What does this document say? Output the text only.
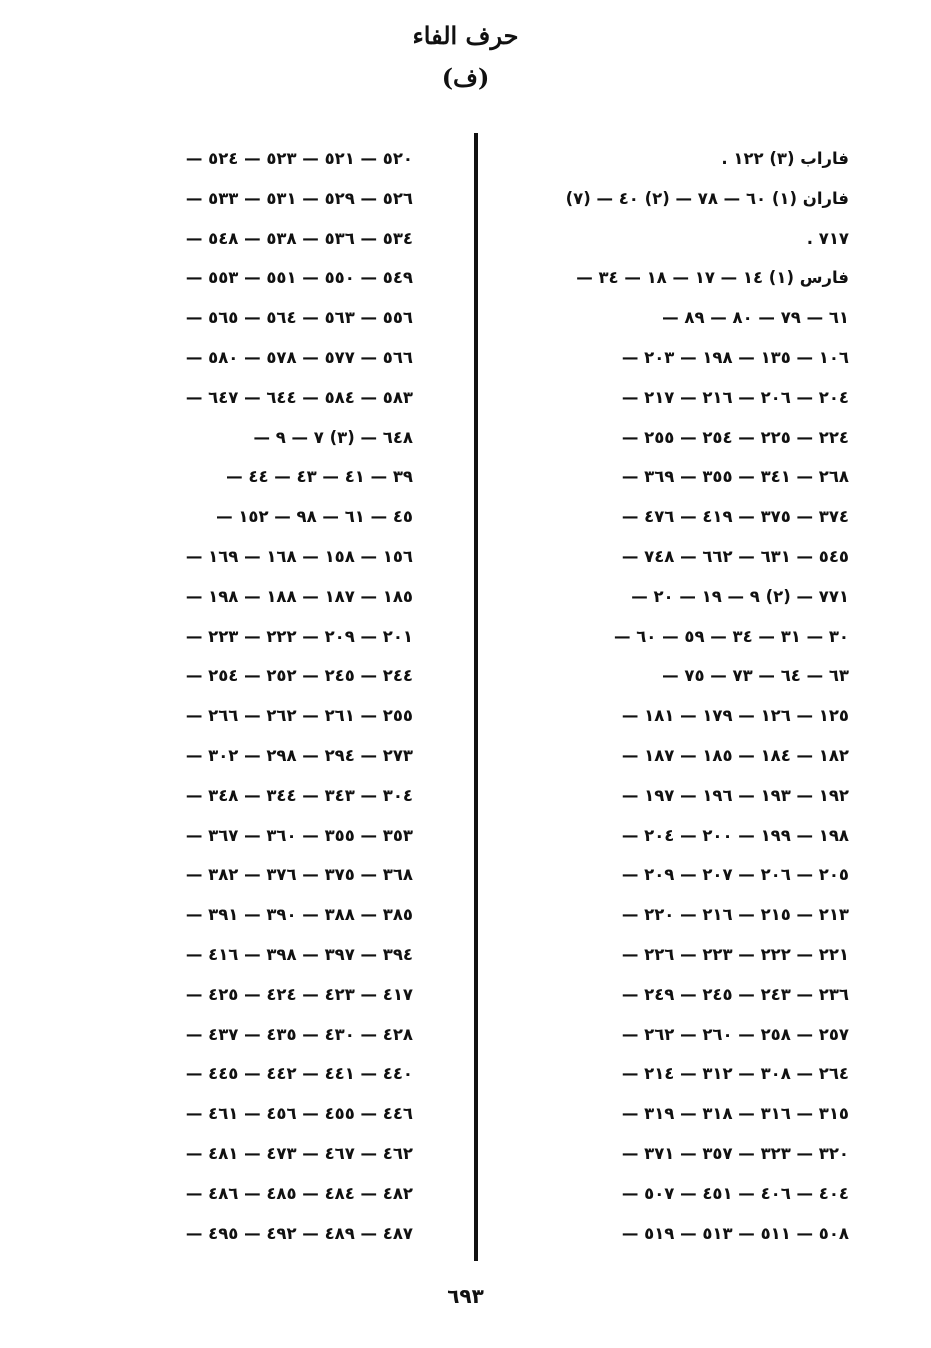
حرف الفاء
(ف)
فاراب (٣) ١٢٢ .
فاران (١) ٦٠ — ٧٨ — (٢) ٤٠ — (٧)
٧١٧ .
فارس (١) ١٤ — ١٧ — ١٨ — ٣٤ —
٦١ — ٧٩ — ٨٠ — ٨٩ —
١٠٦ — ١٣٥ — ١٩٨ — ٢٠٣ —
٢٠٤ — ٢٠٦ — ٢١٦ — ٢١٧ —
٢٢٤ — ٢٢٥ — ٢٥٤ — ٢٥٥ —
٢٦٨ — ٣٤١ — ٣٥٥ — ٣٦٩ —
٣٧٤ — ٣٧٥ — ٤١٩ — ٤٧٦ —
٥٤٥ — ٦٣١ — ٦٦٢ — ٧٤٨ —
٧٧١ — (٢) ٩ — ١٩ — ٢٠ —
٣٠ — ٣١ — ٣٤ — ٥٩ — ٦٠ —
٦٣ — ٦٤ — ٧٣ — ٧٥ —
١٢٥ — ١٢٦ — ١٧٩ — ١٨١ —
١٨٢ — ١٨٤ — ١٨٥ — ١٨٧ —
١٩٢ — ١٩٣ — ١٩٦ — ١٩٧ —
١٩٨ — ١٩٩ — ٢٠٠ — ٢٠٤ —
٢٠٥ — ٢٠٦ — ٢٠٧ — ٢٠٩ —
٢١٣ — ٢١٥ — ٢١٦ — ٢٢٠ —
٢٢١ — ٢٢٢ — ٢٢٣ — ٢٢٦ —
٢٣٦ — ٢٤٣ — ٢٤٥ — ٢٤٩ —
٢٥٧ — ٢٥٨ — ٢٦٠ — ٢٦٢ —
٢٦٤ — ٣٠٨ — ٣١٢ — ٢١٤ —
٣١٥ — ٣١٦ — ٣١٨ — ٣١٩ —
٣٢٠ — ٣٢٣ — ٣٥٧ — ٣٧١ —
٤٠٤ — ٤٠٦ — ٤٥١ — ٥٠٧ —
٥٠٨ — ٥١١ — ٥١٣ — ٥١٩ —
٥٢٠ — ٥٢١ — ٥٢٣ — ٥٢٤ —
٥٢٦ — ٥٢٩ — ٥٣١ — ٥٣٣ —
٥٣٤ — ٥٣٦ — ٥٣٨ — ٥٤٨ —
٥٤٩ — ٥٥٠ — ٥٥١ — ٥٥٣ —
٥٥٦ — ٥٦٣ — ٥٦٤ — ٥٦٥ —
٥٦٦ — ٥٧٧ — ٥٧٨ — ٥٨٠ —
٥٨٣ — ٥٨٤ — ٦٤٤ — ٦٤٧ —
٦٤٨ — (٣) ٧ — ٩ —
٣٩ — ٤١ — ٤٣ — ٤٤ —
٤٥ — ٦١ — ٩٨ — ١٥٢ —
١٥٦ — ١٥٨ — ١٦٨ — ١٦٩ —
١٨٥ — ١٨٧ — ١٨٨ — ١٩٨ —
٢٠١ — ٢٠٩ — ٢٢٢ — ٢٢٣ —
٢٤٤ — ٢٤٥ — ٢٥٢ — ٢٥٤ —
٢٥٥ — ٢٦١ — ٢٦٢ — ٢٦٦ —
٢٧٣ — ٢٩٤ — ٢٩٨ — ٣٠٢ —
٣٠٤ — ٣٤٣ — ٣٤٤ — ٣٤٨ —
٣٥٣ — ٣٥٥ — ٣٦٠ — ٣٦٧ —
٣٦٨ — ٣٧٥ — ٣٧٦ — ٣٨٢ —
٣٨٥ — ٣٨٨ — ٣٩٠ — ٣٩١ —
٣٩٤ — ٣٩٧ — ٣٩٨ — ٤١٦ —
٤١٧ — ٤٢٣ — ٤٢٤ — ٤٢٥ —
٤٢٨ — ٤٣٠ — ٤٣٥ — ٤٣٧ —
٤٤٠ — ٤٤١ — ٤٤٢ — ٤٤٥ —
٤٤٦ — ٤٥٥ — ٤٥٦ — ٤٦١ —
٤٦٢ — ٤٦٧ — ٤٧٣ — ٤٨١ —
٤٨٢ — ٤٨٤ — ٤٨٥ — ٤٨٦ —
٤٨٧ — ٤٨٩ — ٤٩٢ — ٤٩٥ —
٦٩٣
